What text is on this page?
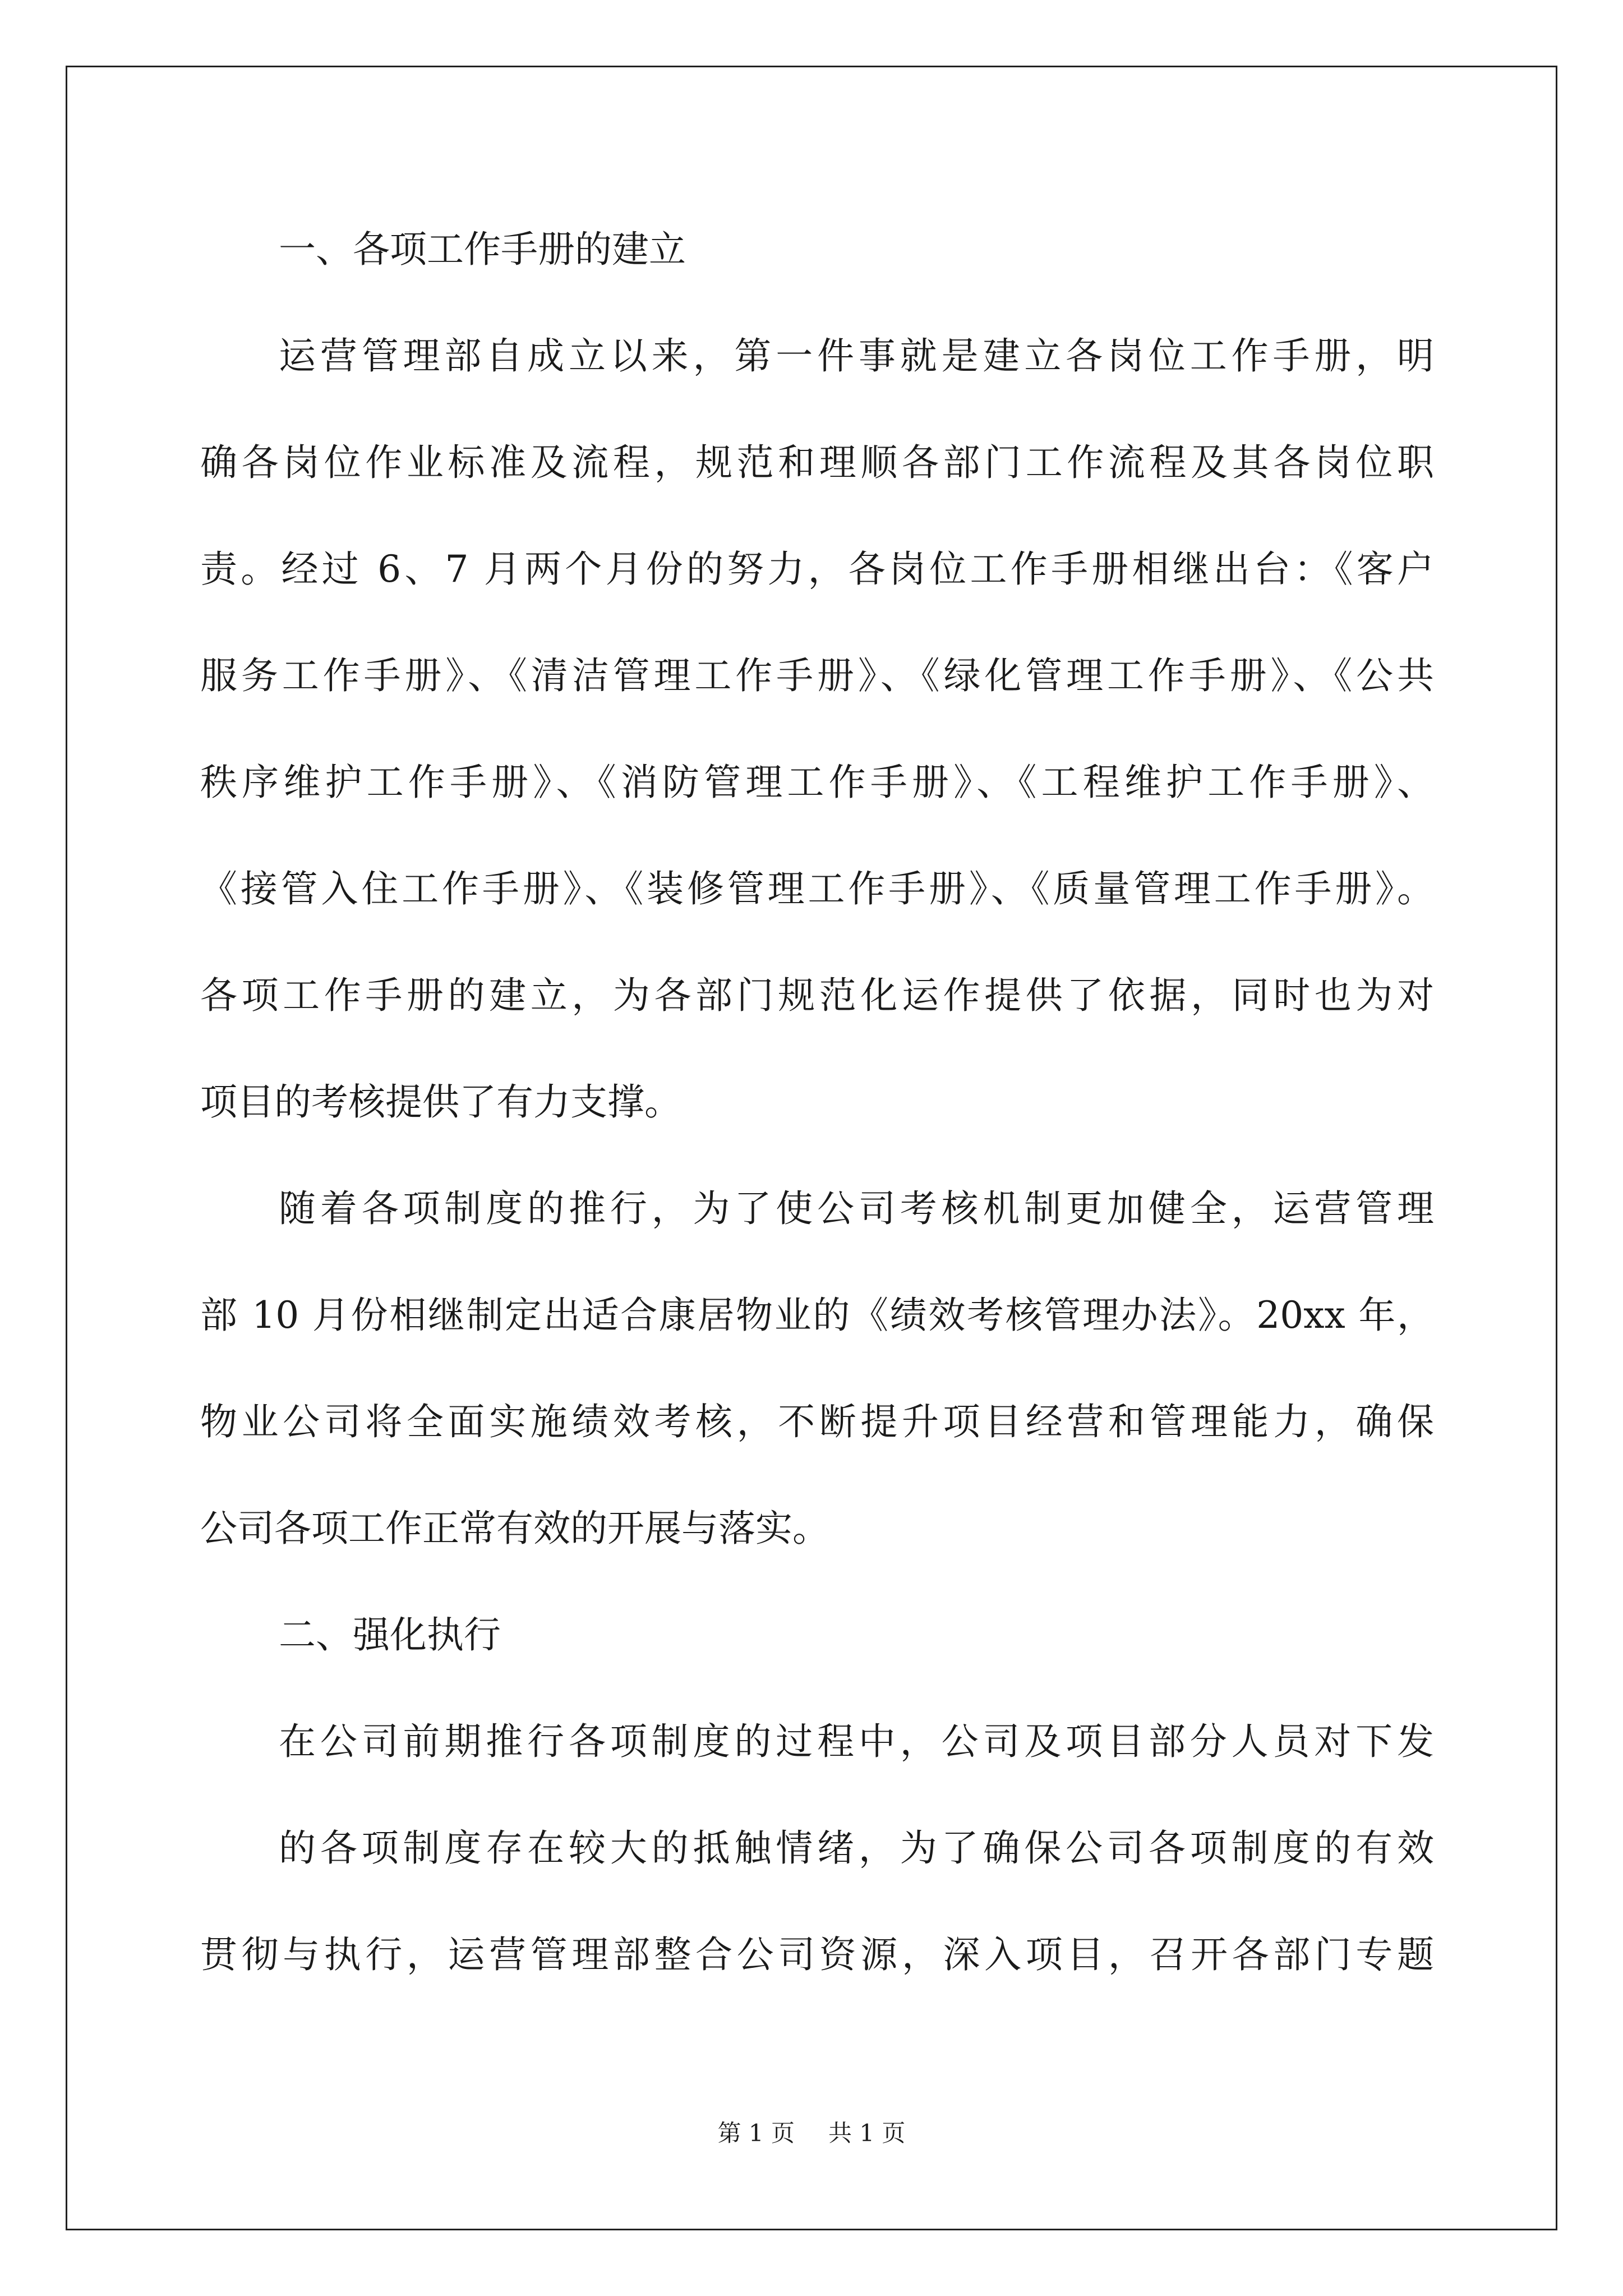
一、各项工作手册的建立
运营管理部自成立以来，第一件事就是建立各岗位工作手册，明
确各岗位作业标准及流程，规范和理顺各部门工作流程及其各岗位职
责。经过 6、7 月两个月份的努力，各岗位工作手册相继出台：《客户
服务工作手册》、《清洁管理工作手册》、《绿化管理工作手册》、《公共
秩序维护工作手册》、《消防管理工作手册》、《工程维护工作手册》、
《接管入住工作手册》、《装修管理工作手册》、《质量管理工作手册》。
各项工作手册的建立，为各部门规范化运作提供了依据，同时也为对
项目的考核提供了有力支撑。
随着各项制度的推行，为了使公司考核机制更加健全，运营管理
部 10 月份相继制定出适合康居物业的《绩效考核管理办法》。20xx 年，
物业公司将全面实施绩效考核，不断提升项目经营和管理能力，确保
公司各项工作正常有效的开展与落实。
二、强化执行
在公司前期推行各项制度的过程中，公司及项目部分人员对下发
的各项制度存在较大的抵触情绪，为了确保公司各项制度的有效
贯彻与执行，运营管理部整合公司资源，深入项目，召开各部门专题
第 1 页 共 1 页
